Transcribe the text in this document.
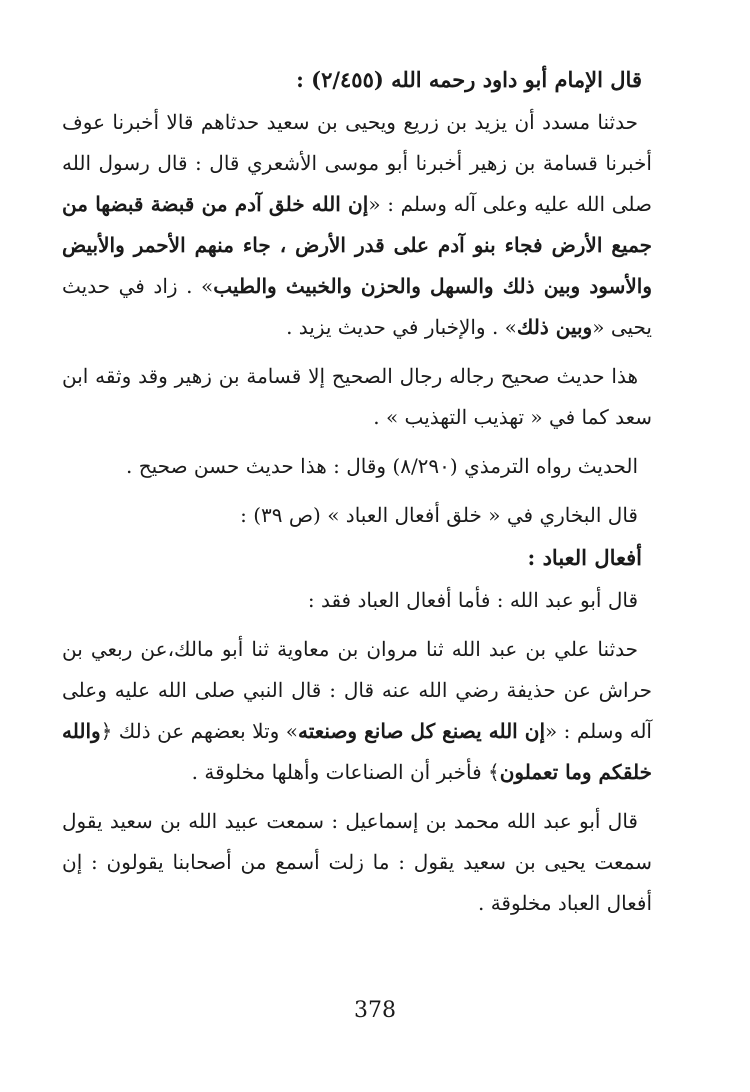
قال الإمام أبو داود رحمه الله (٢/٤٥٥) :

حدثنا مسدد أن يزيد بن زريع ويحيى بن سعيد حدثاهم قالا أخبرنا عوف أخبرنا قسامة بن زهير أخبرنا أبو موسى الأشعري قال : قال رسول الله صلى الله عليه وعلى آله وسلم : «إن الله خلق آدم من قبضة قبضها من جميع الأرض فجاء بنو آدم على قدر الأرض ، جاء منهم الأحمر والأبيض والأسود وبين ذلك والسهل والحزن والخبيث والطيب» . زاد في حديث يحيى «وبين ذلك» . والإخبار في حديث يزيد .

هذا حديث صحيح رجاله رجال الصحيح إلا قسامة بن زهير وقد وثقه ابن سعد كما في « تهذيب التهذيب » .

الحديث رواه الترمذي (٨/٢٩٠) وقال : هذا حديث حسن صحيح .

قال البخاري في « خلق أفعال العباد » (ص ٣٩) :

أفعال العباد :

قال أبو عبد الله : فأما أفعال العباد فقد :

حدثنا علي بن عبد الله ثنا مروان بن معاوية ثنا أبو مالك،عن ربعي بن حراش عن حذيفة رضي الله عنه قال : قال النبي صلى الله عليه وعلى آله وسلم : «إن الله يصنع كل صانع وصنعته» وتلا بعضهم عن ذلك ﴿والله خلقكم وما تعملون﴾ فأخبر أن الصناعات وأهلها مخلوقة .

قال أبو عبد الله محمد بن إسماعيل : سمعت عبيد الله بن سعيد يقول سمعت يحيى بن سعيد يقول : ما زلت أسمع من أصحابنا يقولون : إن أفعال العباد مخلوقة .

378
